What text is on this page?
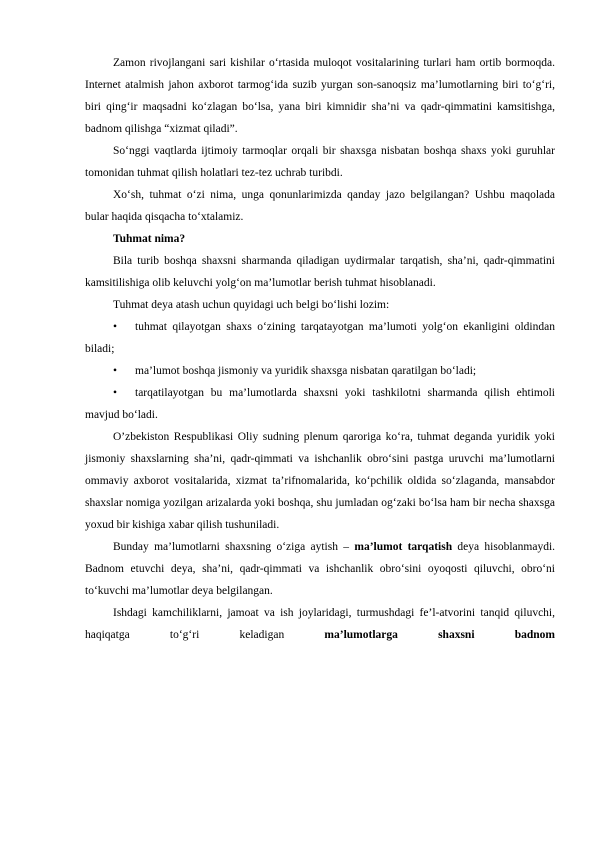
Zamon rivojlangani sari kishilar o‘rtasida muloqot vositalarining turlari ham ortib bormoqda. Internet atalmish jahon axborot tarmog‘ida suzib yurgan son-sanoqsiz ma’lumotlarning biri to‘g‘ri, biri qing‘ir maqsadni ko‘zlagan bo‘lsa, yana biri kimnidir sha’ni va qadr-qimmatini kamsitishga, badnom qilishga “xizmat qiladi”.

So‘nggi vaqtlarda ijtimoiy tarmoqlar orqali bir shaxsga nisbatan boshqa shaxs yoki guruhlar tomonidan tuhmat qilish holatlari tez-tez uchrab turibdi.

Xo‘sh, tuhmat o‘zi nima, unga qonunlarimizda qanday jazo belgilangan? Ushbu maqolada bular haqida qisqacha to‘xtalamiz.

Tuhmat nima?

Bila turib boshqa shaxsni sharmanda qiladigan uydirmalar tarqatish, sha’ni, qadr-qimmatini kamsitilishiga olib keluvchi yolg‘on ma’lumotlar berish tuhmat hisoblanadi.

Tuhmat deya atash uchun quyidagi uch belgi bo‘lishi lozim:

• tuhmat qilayotgan shaxs o‘zining tarqatayotgan ma’lumoti yolg‘on ekanligini oldindan biladi;

• ma’lumot boshqa jismoniy va yuridik shaxsga nisbatan qaratilgan bo‘ladi;

• tarqatilayotgan bu ma’lumotlarda shaxsni yoki tashkilotni sharmanda qilish ehtimoli mavjud bo‘ladi.

O’zbekiston Respublikasi Oliy sudning plenum qaroriga ko‘ra, tuhmat deganda yuridik yoki jismoniy shaxslarning sha’ni, qadr-qimmati va ishchanlik obro‘sini pastga uruvchi ma’lumotlarni ommaviy axborot vositalarida, xizmat ta’rifnomalarida, ko‘pchilik oldida so‘zlaganda, mansabdor shaxslar nomiga yozilgan arizalarda yoki boshqa, shu jumladan og‘zaki bo‘lsa ham bir necha shaxsga yoxud bir kishiga xabar qilish tushuniladi.

Bunday ma’lumotlarni shaxsning o‘ziga aytish – ma’lumot tarqatish deya hisoblanmaydi. Badnom etuvchi deya, sha’ni, qadr-qimmati va ishchanlik obro‘sini oyoqosti qiluvchi, obro‘ni to‘kuvchi ma’lumotlar deya belgilangan.

Ishdagi kamchiliklarni, jamoat va ish joylaridagi, turmushdagi fe’l-atvorini tanqid qiluvchi, haqiqatga to‘g‘ri keladigan	ma’lumotlarga shaxsni badnom
